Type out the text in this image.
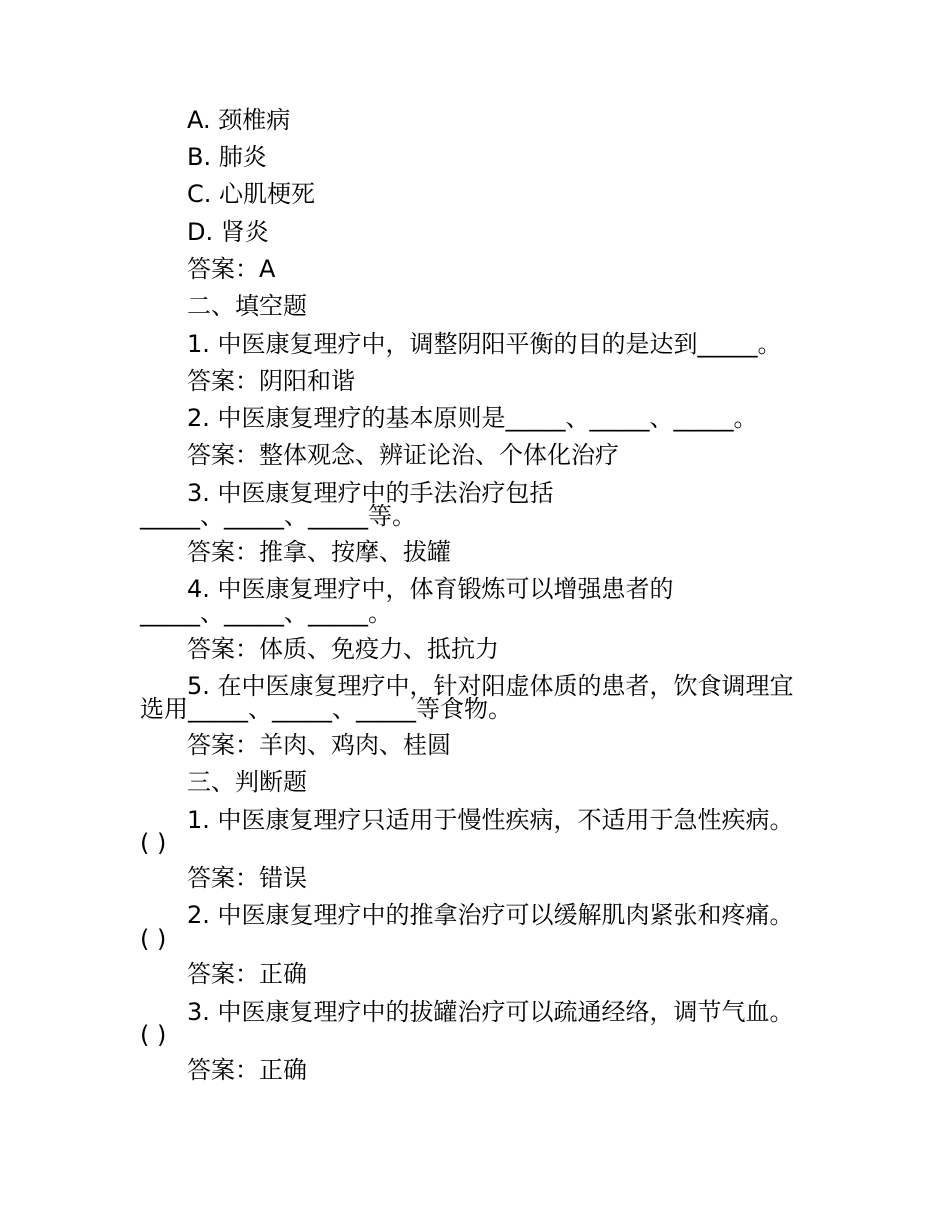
A. 颈椎病
B. 肺炎
C. 心肌梗死
D. 肾炎
答案：A
二、填空题
1. 中医康复理疗中，调整阴阳平衡的目的是达到_____。
答案：阴阳和谐
2. 中医康复理疗的基本原则是_____、_____、_____。
答案：整体观念、辨证论治、个体化治疗
3. 中医康复理疗中的手法治疗包括
_____、_____、_____等。
答案：推拿、按摩、拔罐
4. 中医康复理疗中，体育锻炼可以增强患者的
_____、_____、_____。
答案：体质、免疫力、抵抗力
5. 在中医康复理疗中，针对阳虚体质的患者，饮食调理宜
选用_____、_____、_____等食物。
答案：羊肉、鸡肉、桂圆
三、判断题
1. 中医康复理疗只适用于慢性疾病，不适用于急性疾病。
( )
答案：错误
2. 中医康复理疗中的推拿治疗可以缓解肌肉紧张和疼痛。
( )
答案：正确
3. 中医康复理疗中的拔罐治疗可以疏通经络，调节气血。
( )
答案：正确
